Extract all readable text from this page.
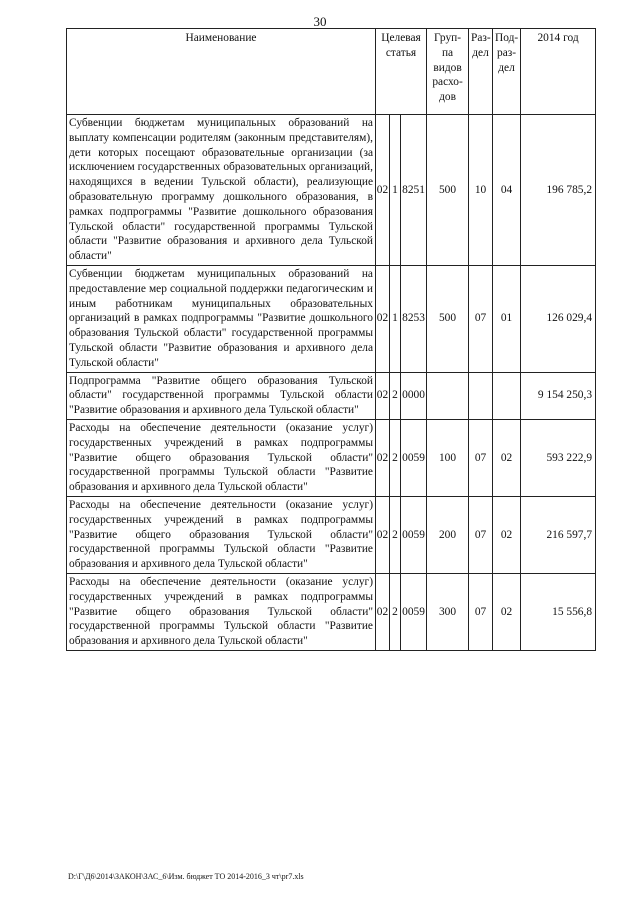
30
Наименование	Целевая статья			Груп-па видов расхо-дов	Раз-дел	Под-раз-дел	2014 год
Субвенции бюджетам муниципальных образований на выплату компенсации родителям (законным представителям), дети которых посещают образовательные организации (за исключением государственных образовательных организаций, находящихся в ведении Тульской области), реализующие образовательную программу дошкольного образования, в рамках подпрограммы "Развитие дошкольного образования Тульской области" государственной программы Тульской области "Развитие образования и архивного дела Тульской области"	02	1	8251	500	10	04	196 785,2
Субвенции бюджетам муниципальных образований на предоставление мер социальной поддержки педагогическим и иным работникам муниципальных образовательных организаций в рамках подпрограммы "Развитие дошкольного образования Тульской области" государственной программы Тульской области "Развитие образования и архивного дела Тульской области"	02	1	8253	500	07	01	126 029,4
Подпрограмма "Развитие общего образования Тульской области" государственной программы Тульской области "Развитие образования и архивного дела Тульской области"	02	2	0000				9 154 250,3
Расходы на обеспечение деятельности (оказание услуг) государственных учреждений в рамках подпрограммы "Развитие общего образования Тульской области" государственной программы Тульской области "Развитие образования и архивного дела Тульской области"	02	2	0059	100	07	02	593 222,9
Расходы на обеспечение деятельности (оказание услуг) государственных учреждений в рамках подпрограммы "Развитие общего образования Тульской области" государственной программы Тульской области "Развитие образования и архивного дела Тульской области"	02	2	0059	200	07	02	216 597,7
Расходы на обеспечение деятельности (оказание услуг) государственных учреждений в рамках подпрограммы "Развитие общего образования Тульской области" государственной программы Тульской области "Развитие образования и архивного дела Тульской области"	02	2	0059	300	07	02	15 556,8
D:\Г\Д6\2014\ЗАКОН\ЗАС_6\Изм. бюджет ТО 2014-2016_3 чт\pr7.xls
